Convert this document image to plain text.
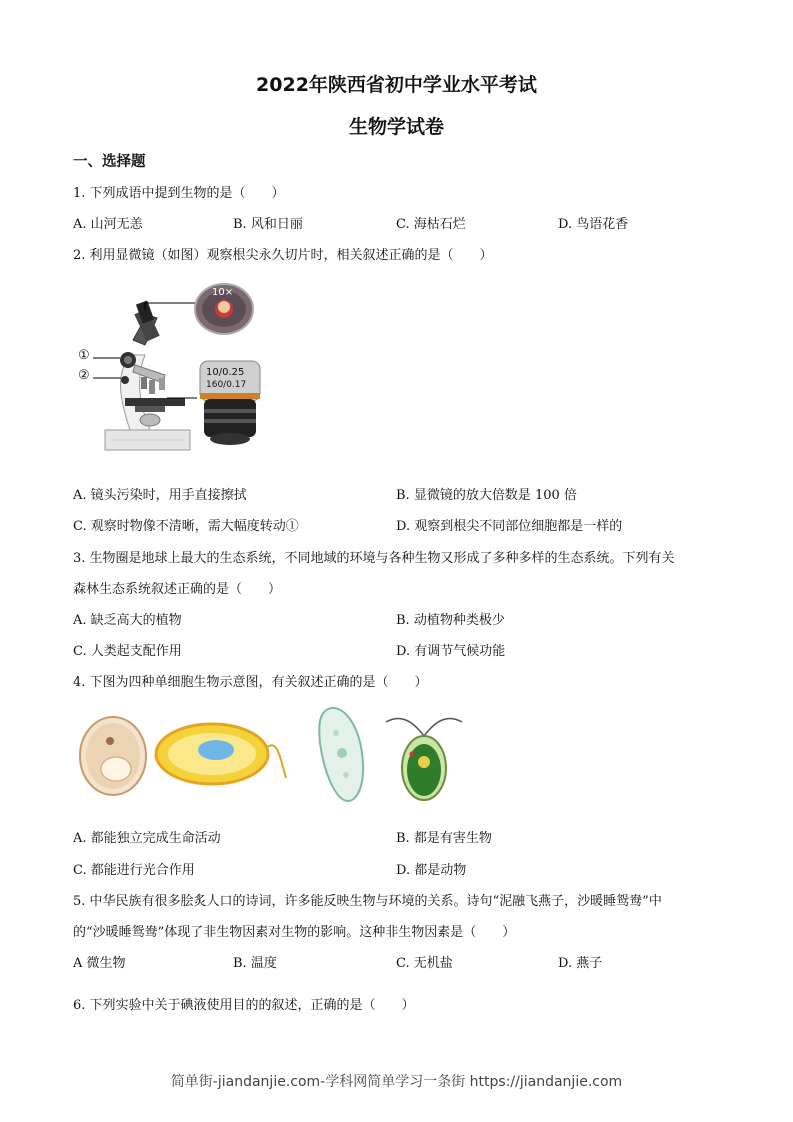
2022年陕西省初中学业水平考试
生物学试卷
一、选择题
1. 下列成语中提到生物的是（　　）
A. 山河无恙	B. 风和日丽	C. 海枯石烂	D. 鸟语花香
2. 利用显微镜（如图）观察根尖永久切片时，相关叙述正确的是（　　）
①
②
10×
10/0.25
160/0.17
A. 镜头污染时，用手直接擦拭	B. 显微镜的放大倍数是 100 倍
C. 观察时物像不清晰，需大幅度转动①	D. 观察到根尖不同部位细胞都是一样的
3. 生物圈是地球上最大的生态系统，不同地域的环境与各种生物又形成了多种多样的生态系统。下列有关
森林生态系统叙述正确的是（　　）
A. 缺乏高大的植物	B. 动植物种类极少
C. 人类起支配作用	D. 有调节气候功能
4. 下图为四种单细胞生物示意图，有关叙述正确的是（　　）
A. 都能独立完成生命活动	B. 都是有害生物
C. 都能进行光合作用	D. 都是动物
5. 中华民族有很多脍炙人口的诗词，许多能反映生物与环境的关系。诗句“泥融飞燕子，沙暖睡鸳鸯”中
的“沙暖睡鸳鸯”体现了非生物因素对生物的影响。这种非生物因素是（　　）
A 微生物	B. 温度	C. 无机盐	D. 燕子
6. 下列实验中关于碘液使用目的的叙述，正确的是（　　）
简单街-jiandanjie.com-学科网简单学习一条街 https://jiandanjie.com
